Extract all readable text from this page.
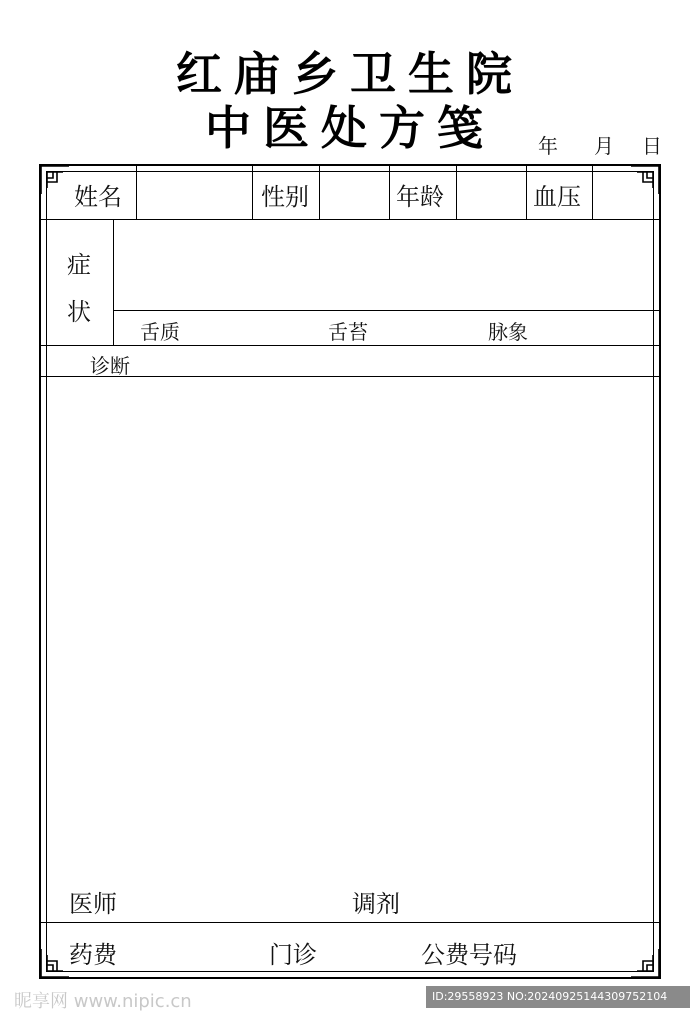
红庙乡卫生院
中医处方笺	年 月 日
姓名	性别	年龄	血压
症
状
舌质	舌苔	脉象
诊断
医师	调剂
药费	门诊	公费号码
昵享网 www.nipic.cn	ID:29558923 NO:20240925144309752104
